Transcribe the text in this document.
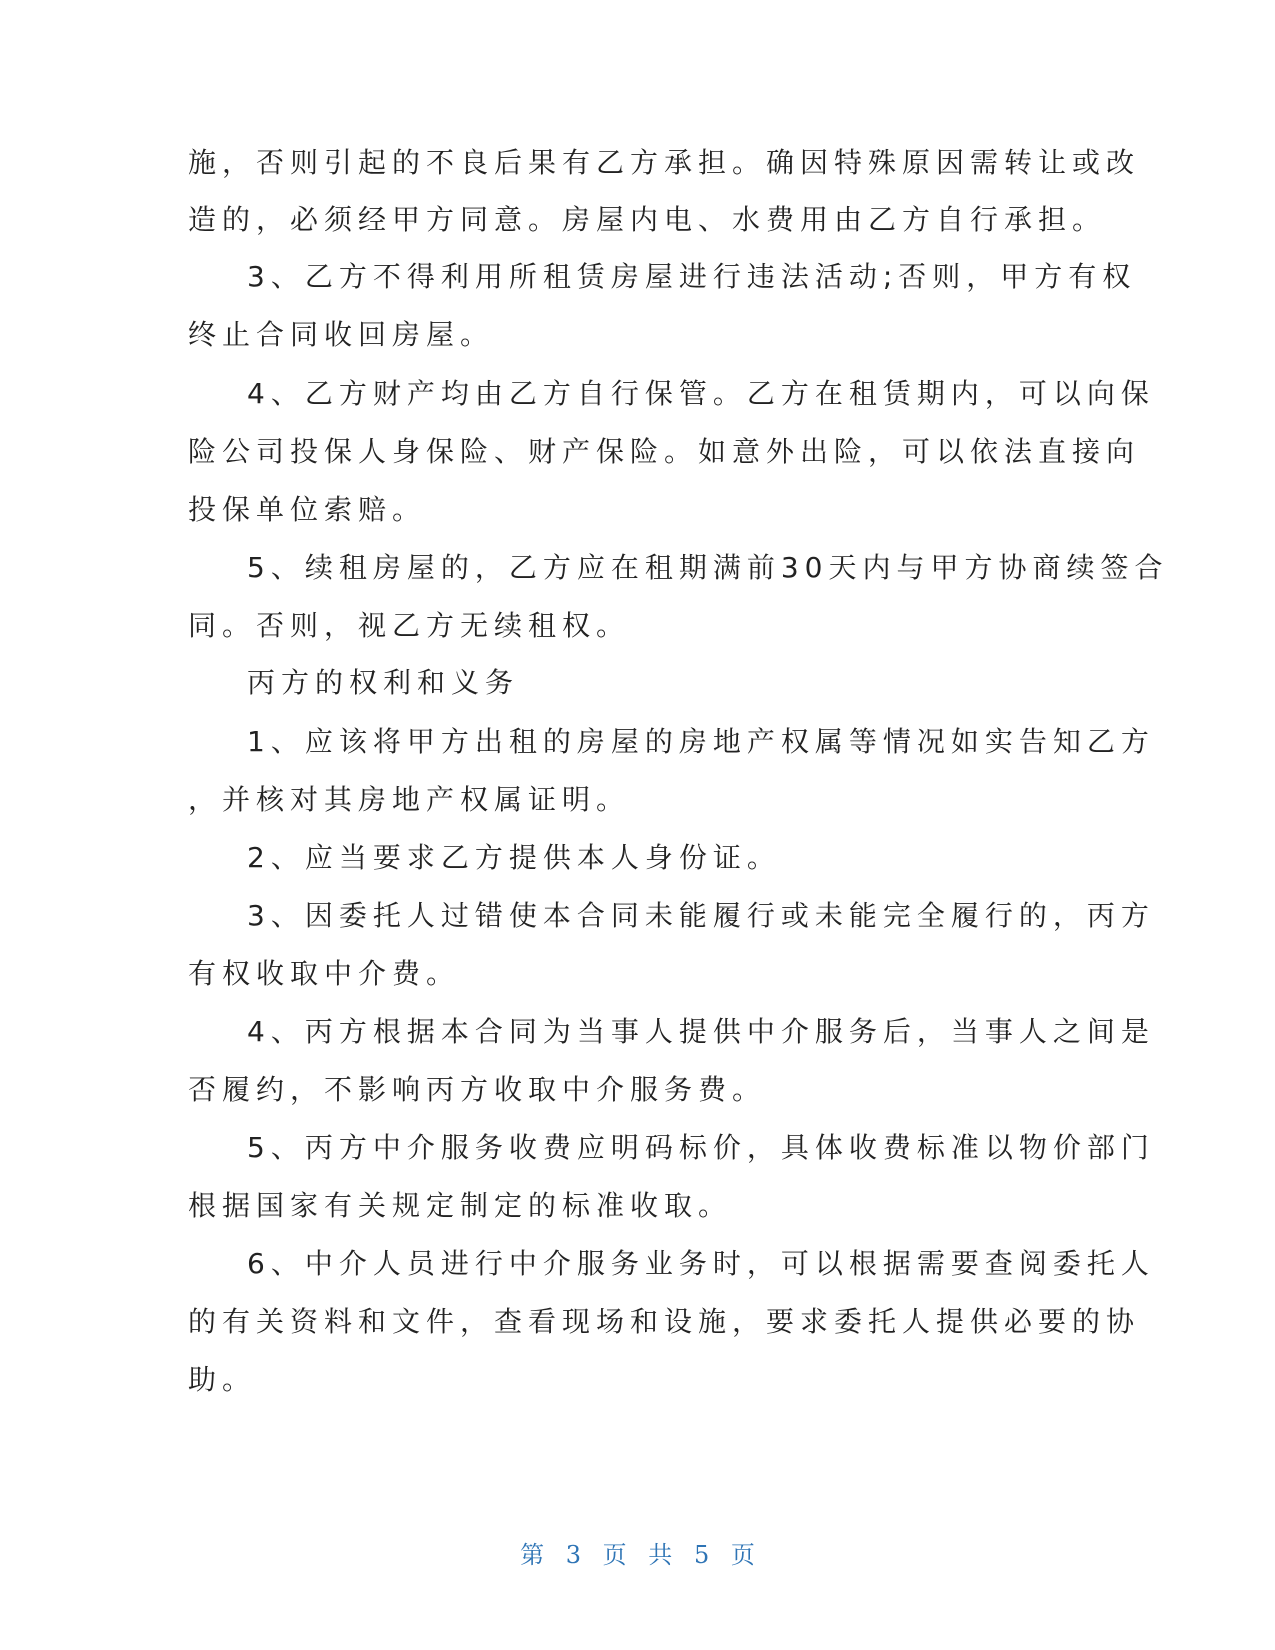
施，否则引起的不良后果有乙方承担。确因特殊原因需转让或改
造的，必须经甲方同意。房屋内电、水费用由乙方自行承担。
3、乙方不得利用所租赁房屋进行违法活动;否则，甲方有权
终止合同收回房屋。
4、乙方财产均由乙方自行保管。乙方在租赁期内，可以向保
险公司投保人身保险、财产保险。如意外出险，可以依法直接向
投保单位索赔。
5、续租房屋的，乙方应在租期满前30天内与甲方协商续签合
同。否则，视乙方无续租权。
丙方的权利和义务
1、应该将甲方出租的房屋的房地产权属等情况如实告知乙方
，并核对其房地产权属证明。
2、应当要求乙方提供本人身份证。
3、因委托人过错使本合同未能履行或未能完全履行的，丙方
有权收取中介费。
4、丙方根据本合同为当事人提供中介服务后，当事人之间是
否履约，不影响丙方收取中介服务费。
5、丙方中介服务收费应明码标价，具体收费标准以物价部门
根据国家有关规定制定的标准收取。
6、中介人员进行中介服务业务时，可以根据需要查阅委托人
的有关资料和文件，查看现场和设施，要求委托人提供必要的协
助。
第 3 页 共 5 页
